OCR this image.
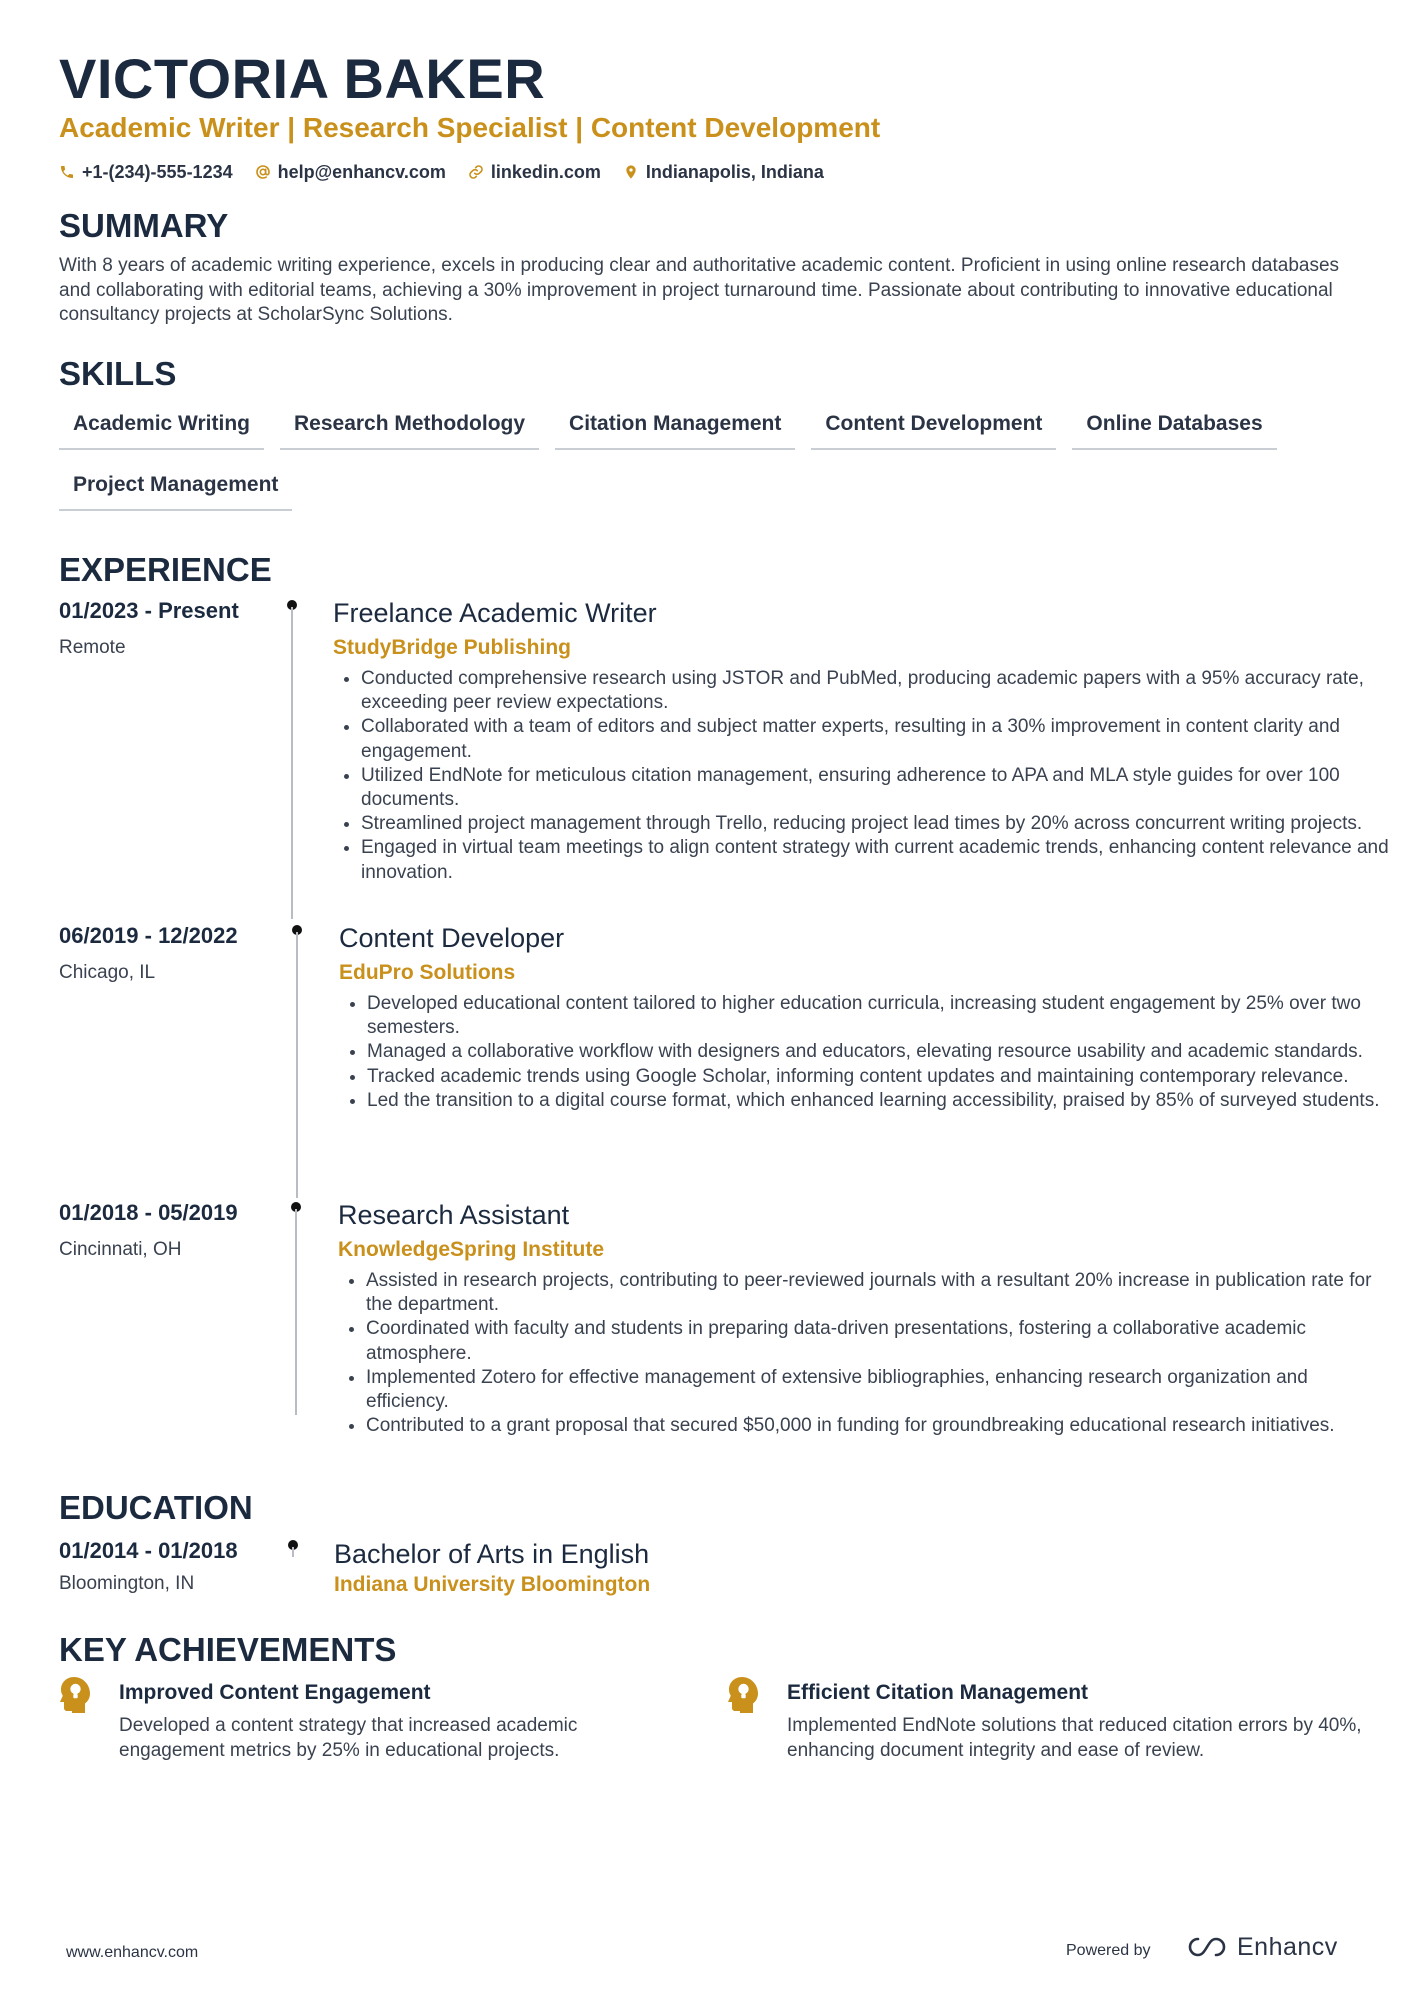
VICTORIA BAKER
Academic Writer | Research Specialist | Content Development
+1-(234)-555-1234	help@enhancv.com	linkedin.com	Indianapolis, Indiana
SUMMARY

With 8 years of academic writing experience, excels in producing clear and authoritative academic content. Proficient in using online research databases and collaborating with editorial teams, achieving a 30% improvement in project turnaround time. Passionate about contributing to innovative educational consultancy projects at ScholarSync Solutions.

SKILLS
Academic Writing	Research Methodology	Citation Management	Content Development	Online Databases
Project Management
EXPERIENCE
01/2023 - Present
Remote
Freelance Academic Writer
StudyBridge Publishing
• Conducted comprehensive research using JSTOR and PubMed, producing academic papers with a 95% accuracy rate, exceeding peer review expectations.
• Collaborated with a team of editors and subject matter experts, resulting in a 30% improvement in content clarity and engagement.
• Utilized EndNote for meticulous citation management, ensuring adherence to APA and MLA style guides for over 100 documents.
• Streamlined project management through Trello, reducing project lead times by 20% across concurrent writing projects.
• Engaged in virtual team meetings to align content strategy with current academic trends, enhancing content relevance and innovation.
06/2019 - 12/2022
Chicago, IL
Content Developer
EduPro Solutions
• Developed educational content tailored to higher education curricula, increasing student engagement by 25% over two semesters.
• Managed a collaborative workflow with designers and educators, elevating resource usability and academic standards.
• Tracked academic trends using Google Scholar, informing content updates and maintaining contemporary relevance.
• Led the transition to a digital course format, which enhanced learning accessibility, praised by 85% of surveyed students.
01/2018 - 05/2019
Cincinnati, OH
Research Assistant
KnowledgeSpring Institute
• Assisted in research projects, contributing to peer-reviewed journals with a resultant 20% increase in publication rate for the department.
• Coordinated with faculty and students in preparing data-driven presentations, fostering a collaborative academic atmosphere.
• Implemented Zotero for effective management of extensive bibliographies, enhancing research organization and efficiency.
• Contributed to a grant proposal that secured $50,000 in funding for groundbreaking educational research initiatives.
EDUCATION
01/2014 - 01/2018
Bloomington, IN
Bachelor of Arts in English
Indiana University Bloomington
KEY ACHIEVEMENTS
Improved Content Engagement

Developed a content strategy that increased academic engagement metrics by 25% in educational projects.

Efficient Citation Management

Implemented EndNote solutions that reduced citation errors by 40%, enhancing document integrity and ease of review.

www.enhancv.com	Powered by	Enhancv
